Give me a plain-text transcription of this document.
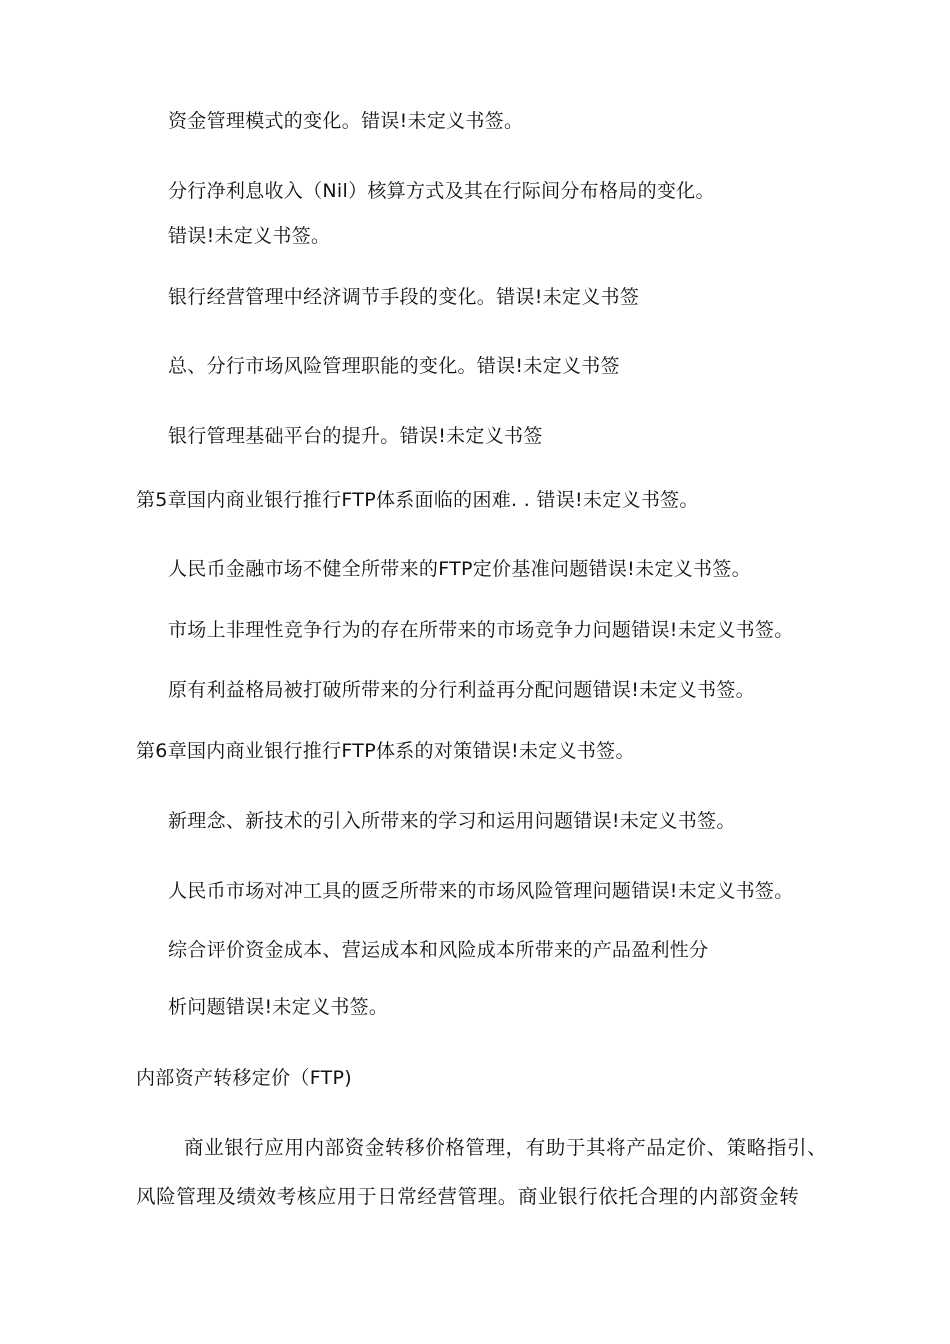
资金管理模式的变化。错误!未定义书签。
分行净利息收入（Nil）核算方式及其在行际间分布格局的变化。
错误!未定义书签。
银行经营管理中经济调节手段的变化。错误!未定义书签
总、分行市场风险管理职能的变化。错误!未定义书签
银行管理基础平台的提升。错误!未定义书签
第5章国内商业银行推行FTP体系面临的困难. . 错误!未定义书签。
人民币金融市场不健全所带来的FTP定价基准问题错误!未定义书签。
市场上非理性竞争行为的存在所带来的市场竞争力问题错误!未定义书签。
原有利益格局被打破所带来的分行利益再分配问题错误!未定义书签。
第6章国内商业银行推行FTP体系的对策错误!未定义书签。
新理念、新技术的引入所带来的学习和运用问题错误!未定义书签。
人民币市场对冲工具的匮乏所带来的市场风险管理问题错误!未定义书签。
综合评价资金成本、营运成本和风险成本所带来的产品盈利性分
析问题错误!未定义书签。
内部资产转移定价（FTP)
商业银行应用内部资金转移价格管理，有助于其将产品定价、策略指引、
风险管理及绩效考核应用于日常经营管理。商业银行依托合理的内部资金转
